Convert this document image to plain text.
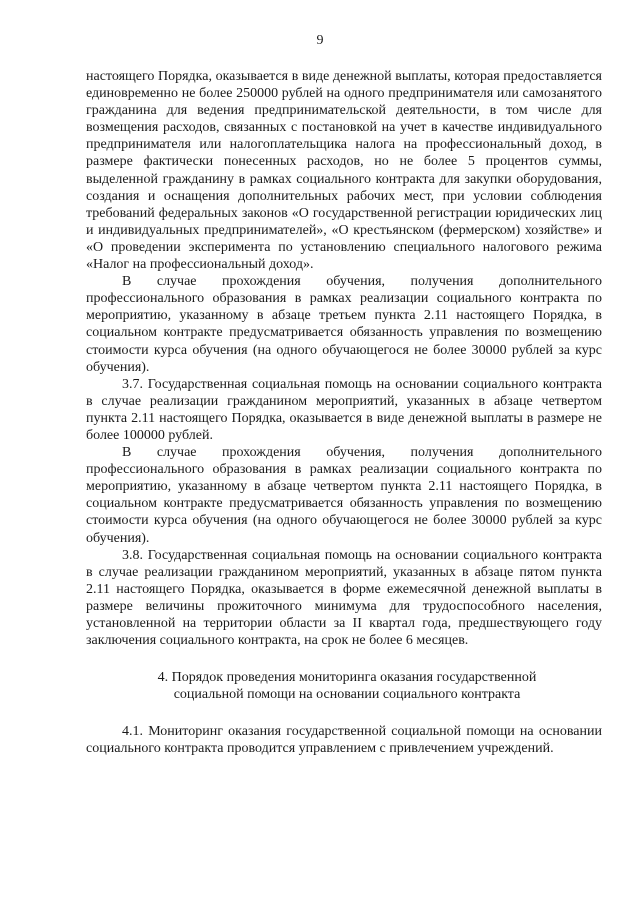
9

настоящего Порядка, оказывается в виде денежной выплаты, которая предоставляется единовременно не более 250000 рублей на одного предпринимателя или самозанятого гражданина для ведения предпринимательской деятельности, в том числе для возмещения расходов, связанных с постановкой на учет в качестве индивидуального предпринимателя или налогоплательщика налога на профессиональный доход, в размере фактически понесенных расходов, но не более 5 процентов суммы, выделенной гражданину в рамках социального контракта для закупки оборудования, создания и оснащения дополнительных рабочих мест, при условии соблюдения требований федеральных законов «О государственной регистрации юридических лиц и индивидуальных предпринимателей», «О крестьянском (фермерском) хозяйстве» и «О проведении эксперимента по установлению специального налогового режима «Налог на профессиональный доход».

В случае прохождения обучения, получения дополнительного профессионального образования в рамках реализации социального контракта по мероприятию, указанному в абзаце третьем пункта 2.11 настоящего Порядка, в социальном контракте предусматривается обязанность управления по возмещению стоимости курса обучения (на одного обучающегося не более 30000 рублей за курс обучения).

3.7. Государственная социальная помощь на основании социального контракта в случае реализации гражданином мероприятий, указанных в абзаце четвертом пункта 2.11 настоящего Порядка, оказывается в виде денежной выплаты в размере не более 100000 рублей.

В случае прохождения обучения, получения дополнительного профессионального образования в рамках реализации социального контракта по мероприятию, указанному в абзаце четвертом пункта 2.11 настоящего Порядка, в социальном контракте предусматривается обязанность управления по возмещению стоимости курса обучения (на одного обучающегося не более 30000 рублей за курс обучения).

3.8. Государственная социальная помощь на основании социального контракта в случае реализации гражданином мероприятий, указанных в абзаце пятом пункта 2.11 настоящего Порядка, оказывается в форме ежемесячной денежной выплаты в размере величины прожиточного минимума для трудоспособного населения, установленной на территории области за II квартал года, предшествующего году заключения социального контракта, на срок не более 6 месяцев.

4. Порядок проведения мониторинга оказания государственной
социальной помощи на основании социального контракта

4.1. Мониторинг оказания государственной социальной помощи на основании социального контракта проводится управлением с привлечением учреждений.
